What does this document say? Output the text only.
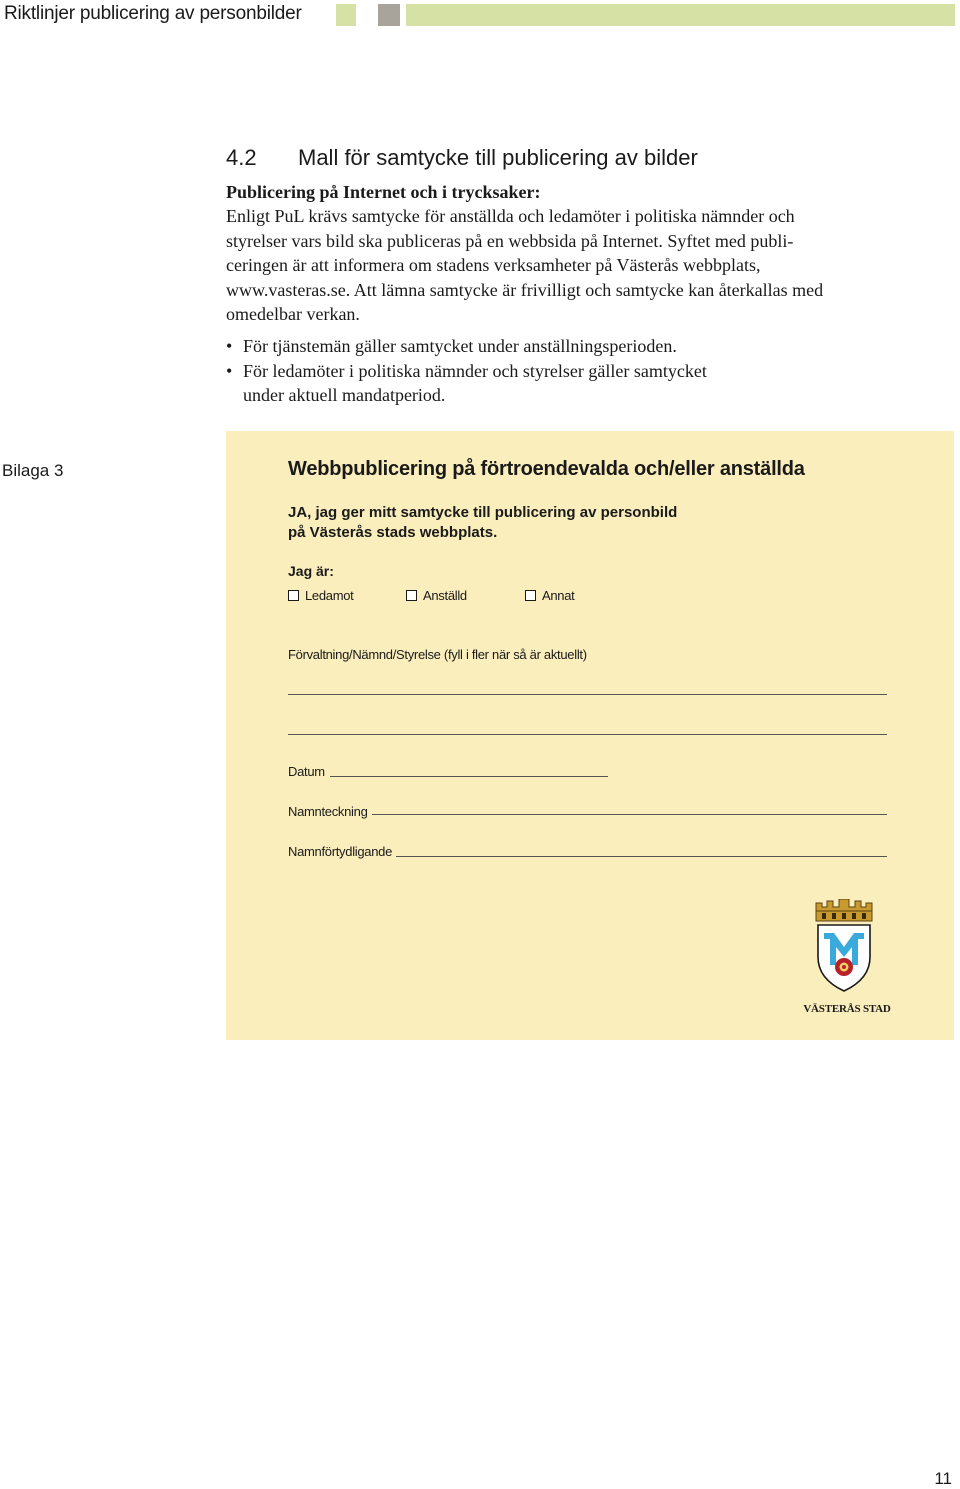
Riktlinjer publicering av personbilder
4.2 Mall för samtycke till publicering av bilder
Publicering på Internet och i trycksaker:
Enligt PuL krävs samtycke för anställda och ledamöter i politiska nämnder och
styrelser vars bild ska publiceras på en webbsida på Internet. Syftet med publi-
ceringen är att informera om stadens verksamheter på Västerås webbplats,
www.vasteras.se. Att lämna samtycke är frivilligt och samtycke kan återkallas med
omedelbar verkan.
• För tjänstemän gäller samtycket under anställningsperioden.
• För ledamöter i politiska nämnder och styrelser gäller samtycket
under aktuell mandatperiod.
Bilaga 3	Webbpublicering på förtroendevalda och/eller anställda
JA, jag ger mitt samtycke till publicering av personbild
på Västerås stads webbplats.
Jag är:
Ledamot	Anställd	Annat
Förvaltning/Nämnd/Styrelse (fyll i fler när så är aktuellt)
Datum
Namnteckning
Namnförtydligande
VÄSTERÅS STAD
11
